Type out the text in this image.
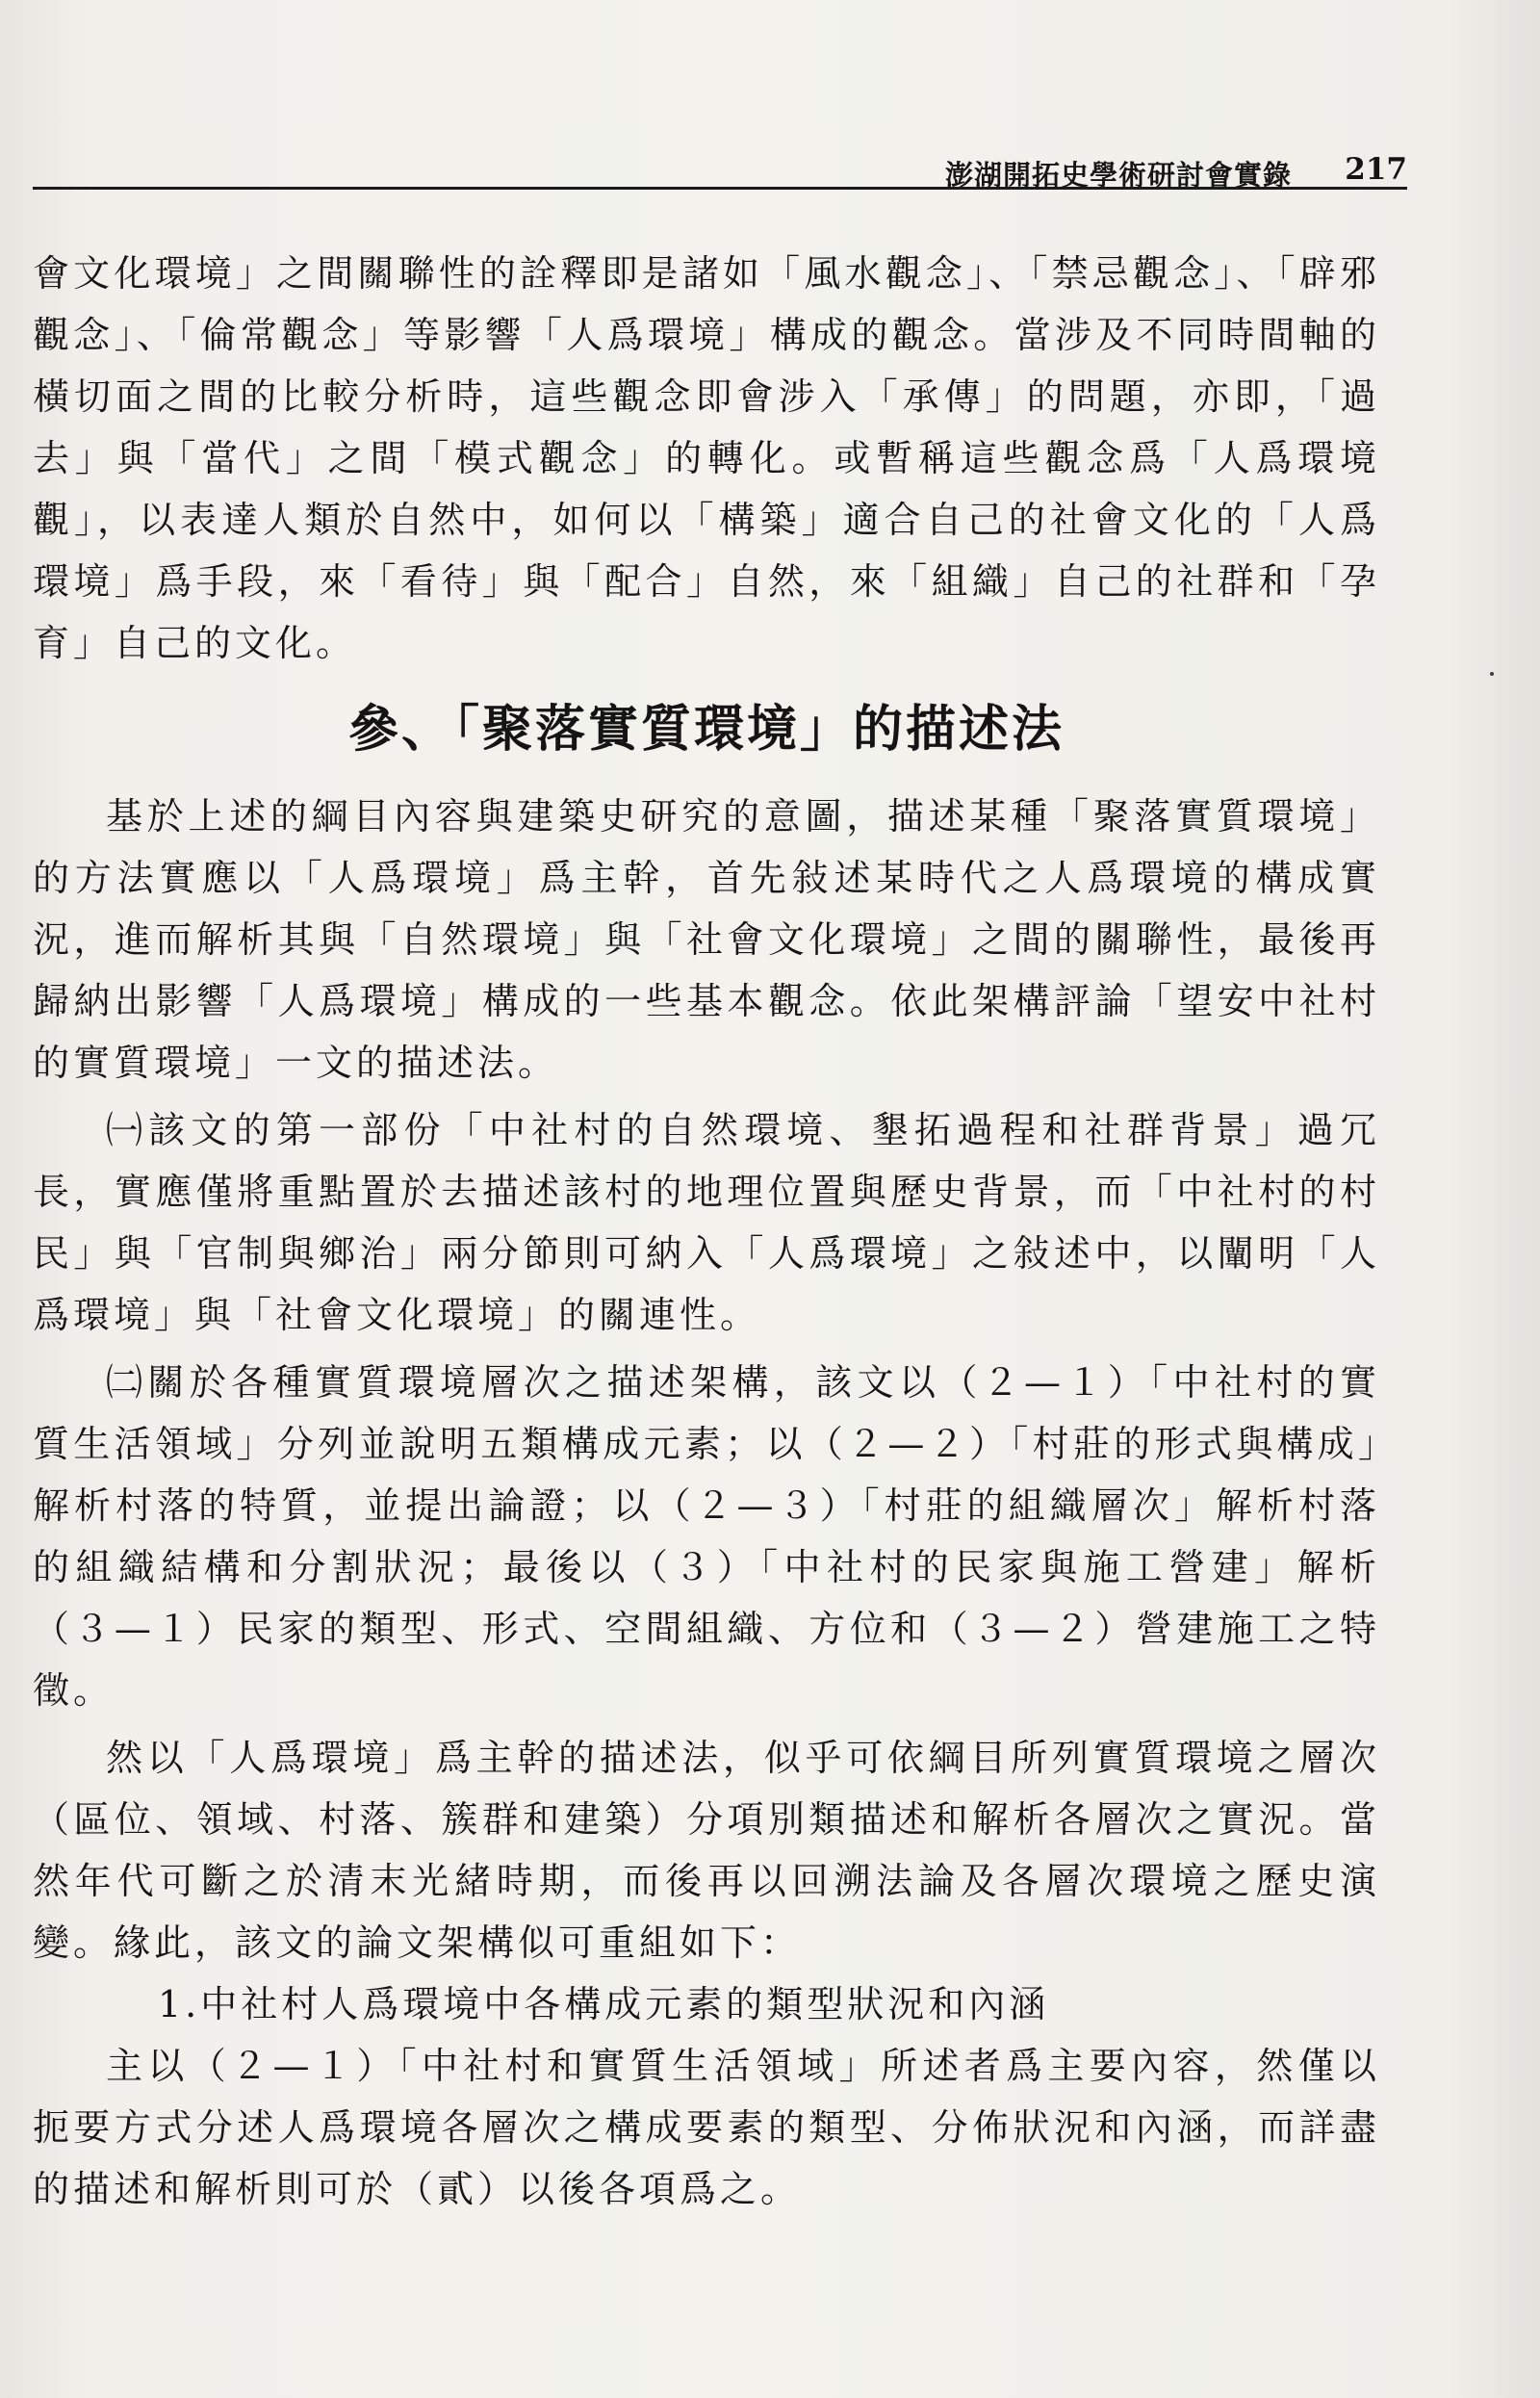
澎湖開拓史學術研討會實錄 217

會文化環境」之間關聯性的詮釋即是諸如「風水觀念」、「禁忌觀念」、「辟邪觀念」、「倫常觀念」等影響「人爲環境」構成的觀念。當涉及不同時間軸的橫切面之間的比較分析時，這些觀念即會涉入「承傳」的問題，亦即，「過去」與「當代」之間「模式觀念」的轉化。或暫稱這些觀念爲「人爲環境觀」，以表達人類於自然中，如何以「構築」適合自己的社會文化的「人爲環境」爲手段，來「看待」與「配合」自然，來「組織」自己的社群和「孕育」自己的文化。

參、「聚落實質環境」的描述法

基於上述的綱目內容與建築史研究的意圖，描述某種「聚落實質環境」的方法實應以「人爲環境」爲主幹，首先敍述某時代之人爲環境的構成實況，進而解析其與「自然環境」與「社會文化環境」之間的關聯性，最後再歸納出影響「人爲環境」構成的一些基本觀念。依此架構評論「望安中社村的實質環境」一文的描述法。

㈠該文的第一部份「中社村的自然環境、墾拓過程和社群背景」過冗長，實應僅將重點置於去描述該村的地理位置與歷史背景，而「中社村的村民」與「官制與鄉治」兩分節則可納入「人爲環境」之敍述中，以闡明「人爲環境」與「社會文化環境」的關連性。

㈡關於各種實質環境層次之描述架構，該文以（２—１）「中社村的實質生活領域」分列並說明五類構成元素；以（２—２）「村莊的形式與構成」解析村落的特質，並提出論證；以（２—３）「村莊的組織層次」解析村落的組織結構和分割狀況；最後以（３）「中社村的民家與施工營建」解析（３—１）民家的類型、形式、空間組織、方位和（３—２）營建施工之特徵。

然以「人爲環境」爲主幹的描述法，似乎可依綱目所列實質環境之層次（區位、領域、村落、簇群和建築）分項別類描述和解析各層次之實況。當然年代可斷之於清末光緒時期，而後再以回溯法論及各層次環境之歷史演變。緣此，該文的論文架構似可重組如下：

1.中社村人爲環境中各構成元素的類型狀況和內涵

主以（２—１）「中社村和實質生活領域」所述者爲主要內容，然僅以扼要方式分述人爲環境各層次之構成要素的類型、分佈狀況和內涵，而詳盡的描述和解析則可於（貳）以後各項爲之。
